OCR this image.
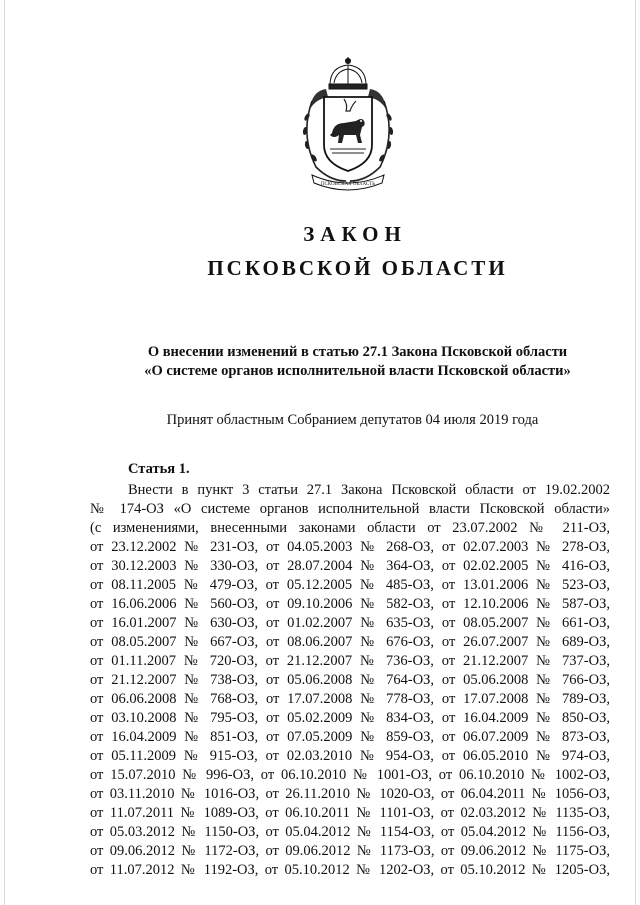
ПСКОВСКАЯ ОБЛАСТЬ
ЗАКОН
ПСКОВСКОЙ ОБЛАСТИ
О внесении изменений в статью 27.1 Закона Псковской области
«О системе органов исполнительной власти Псковской области»
Принят областным Собранием депутатов 04 июля 2019 года
Статья 1.
Внести в пункт 3 статьи 27.1 Закона Псковской области от 19.02.2002
№ 174-ОЗ «О системе органов исполнительной власти Псковской области»
(с изменениями, внесенными законами области от 23.07.2002 № 211-ОЗ,
от 23.12.2002 № 231-ОЗ, от 04.05.2003 № 268-ОЗ, от 02.07.2003 № 278-ОЗ,
от 30.12.2003 № 330-ОЗ, от 28.07.2004 № 364-ОЗ, от 02.02.2005 № 416-ОЗ,
от 08.11.2005 № 479-ОЗ, от 05.12.2005 № 485-ОЗ, от 13.01.2006 № 523-ОЗ,
от 16.06.2006 № 560-ОЗ, от 09.10.2006 № 582-ОЗ, от 12.10.2006 № 587-ОЗ,
от 16.01.2007 № 630-ОЗ, от 01.02.2007 № 635-ОЗ, от 08.05.2007 № 661-ОЗ,
от 08.05.2007 № 667-ОЗ, от 08.06.2007 № 676-ОЗ, от 26.07.2007 № 689-ОЗ,
от 01.11.2007 № 720-ОЗ, от 21.12.2007 № 736-ОЗ, от 21.12.2007 № 737-ОЗ,
от 21.12.2007 № 738-ОЗ, от 05.06.2008 № 764-ОЗ, от 05.06.2008 № 766-ОЗ,
от 06.06.2008 № 768-ОЗ, от 17.07.2008 № 778-ОЗ, от 17.07.2008 № 789-ОЗ,
от 03.10.2008 № 795-ОЗ, от 05.02.2009 № 834-ОЗ, от 16.04.2009 № 850-ОЗ,
от 16.04.2009 № 851-ОЗ, от 07.05.2009 № 859-ОЗ, от 06.07.2009 № 873-ОЗ,
от 05.11.2009 № 915-ОЗ, от 02.03.2010 № 954-ОЗ, от 06.05.2010 № 974-ОЗ,
от 15.07.2010 № 996-ОЗ, от 06.10.2010 № 1001-ОЗ, от 06.10.2010 № 1002-ОЗ,
от 03.11.2010 № 1016-ОЗ, от 26.11.2010 № 1020-ОЗ, от 06.04.2011 № 1056-ОЗ,
от 11.07.2011 № 1089-ОЗ, от 06.10.2011 № 1101-ОЗ, от 02.03.2012 № 1135-ОЗ,
от 05.03.2012 № 1150-ОЗ, от 05.04.2012 № 1154-ОЗ, от 05.04.2012 № 1156-ОЗ,
от 09.06.2012 № 1172-ОЗ, от 09.06.2012 № 1173-ОЗ, от 09.06.2012 № 1175-ОЗ,
от 11.07.2012 № 1192-ОЗ, от 05.10.2012 № 1202-ОЗ, от 05.10.2012 № 1205-ОЗ,
